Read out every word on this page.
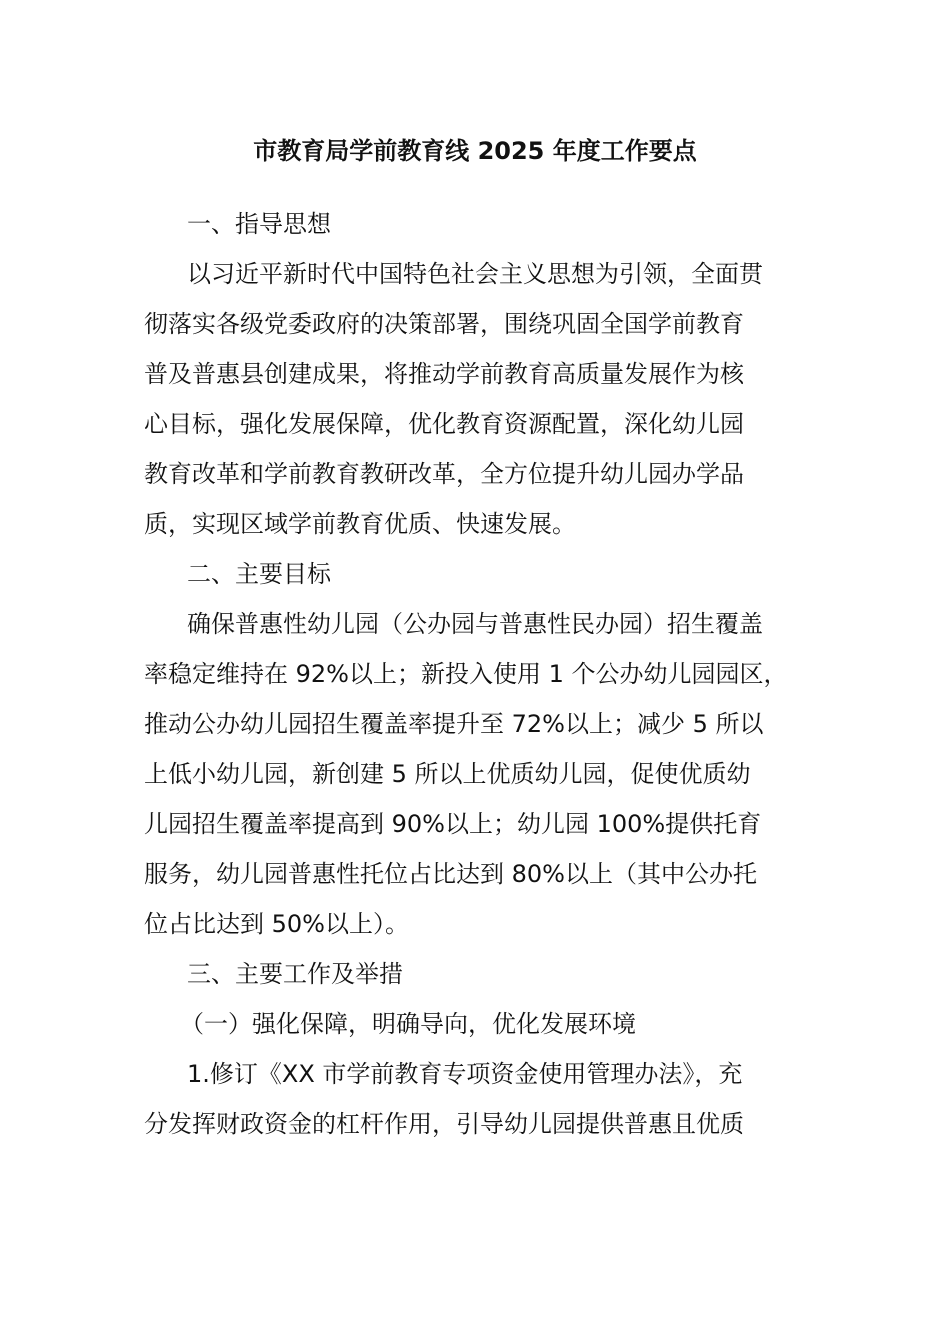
市教育局学前教育线 2025 年度工作要点
一、指导思想
以习近平新时代中国特色社会主义思想为引领，全面贯
彻落实各级党委政府的决策部署，围绕巩固全国学前教育
普及普惠县创建成果，将推动学前教育高质量发展作为核
心目标，强化发展保障，优化教育资源配置，深化幼儿园
教育改革和学前教育教研改革，全方位提升幼儿园办学品
质，实现区域学前教育优质、快速发展。
二、主要目标
确保普惠性幼儿园（公办园与普惠性民办园）招生覆盖
率稳定维持在 92%以上；新投入使用 1 个公办幼儿园园区，
推动公办幼儿园招生覆盖率提升至 72%以上；减少 5 所以
上低小幼儿园，新创建 5 所以上优质幼儿园，促使优质幼
儿园招生覆盖率提高到 90%以上；幼儿园 100%提供托育
服务，幼儿园普惠性托位占比达到 80%以上（其中公办托
位占比达到 50%以上）。
三、主要工作及举措
（一）强化保障，明确导向，优化发展环境
1.修订《XX 市学前教育专项资金使用管理办法》，充
分发挥财政资金的杠杆作用，引导幼儿园提供普惠且优质
